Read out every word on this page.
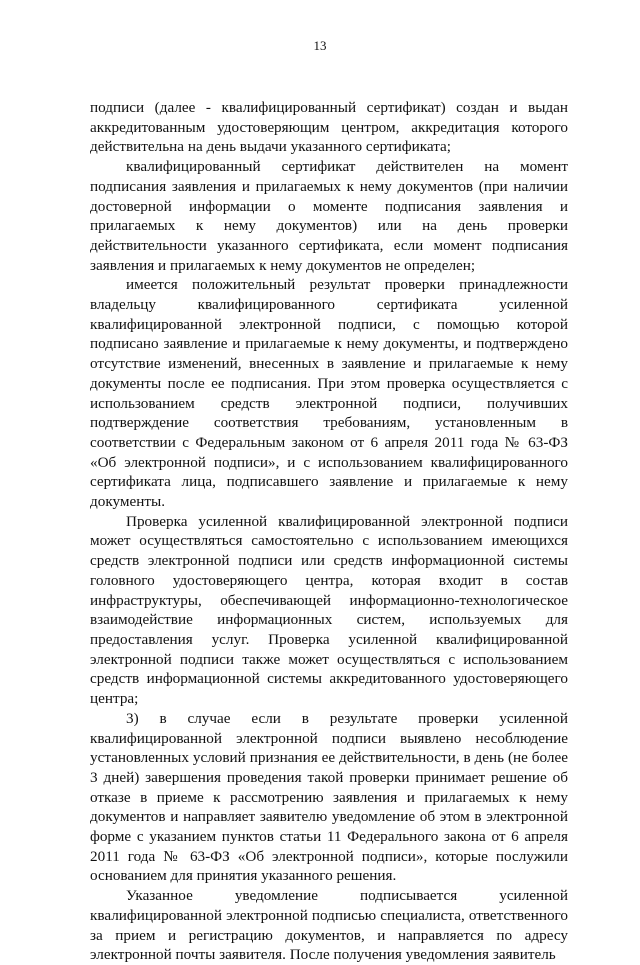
13

подписи (далее - квалифицированный сертификат) создан и выдан аккредитованным удостоверяющим центром, аккредитация которого действительна на день выдачи указанного сертификата;

квалифицированный сертификат действителен на момент подписания заявления и прилагаемых к нему документов (при наличии достоверной информации о моменте подписания заявления и прилагаемых к нему документов) или на день проверки действительности указанного сертификата, если момент подписания заявления и прилагаемых к нему документов не определен;

имеется положительный результат проверки принадлежности владельцу квалифицированного сертификата усиленной квалифицированной электронной подписи, с помощью которой подписано заявление и прилагаемые к нему документы, и подтверждено отсутствие изменений, внесенных в заявление и прилагаемые к нему документы после ее подписания. При этом проверка осуществляется с использованием средств электронной подписи, получивших подтверждение соответствия требованиям, установленным в соответствии с Федеральным законом от 6 апреля 2011 года № 63-ФЗ «Об электронной подписи», и с использованием квалифицированного сертификата лица, подписавшего заявление и прилагаемые к нему документы.

Проверка усиленной квалифицированной электронной подписи может осуществляться самостоятельно с использованием имеющихся средств электронной подписи или средств информационной системы головного удостоверяющего центра, которая входит в состав инфраструктуры, обеспечивающей информационно-технологическое взаимодействие информационных систем, используемых для предоставления услуг. Проверка усиленной квалифицированной электронной подписи также может осуществляться с использованием средств информационной системы аккредитованного удостоверяющего центра;

3) в случае если в результате проверки усиленной квалифицированной электронной подписи выявлено несоблюдение установленных условий признания ее действительности, в день (не более 3 дней) завершения проведения такой проверки принимает решение об отказе в приеме к рассмотрению заявления и прилагаемых к нему документов и направляет заявителю уведомление об этом в электронной форме с указанием пунктов статьи 11 Федерального закона от 6 апреля 2011 года № 63-ФЗ «Об электронной подписи», которые послужили основанием для принятия указанного решения.

Указанное уведомление подписывается усиленной квалифицированной электронной подписью специалиста, ответственного за прием и регистрацию документов, и направляется по адресу электронной почты заявителя. После получения уведомления заявитель
